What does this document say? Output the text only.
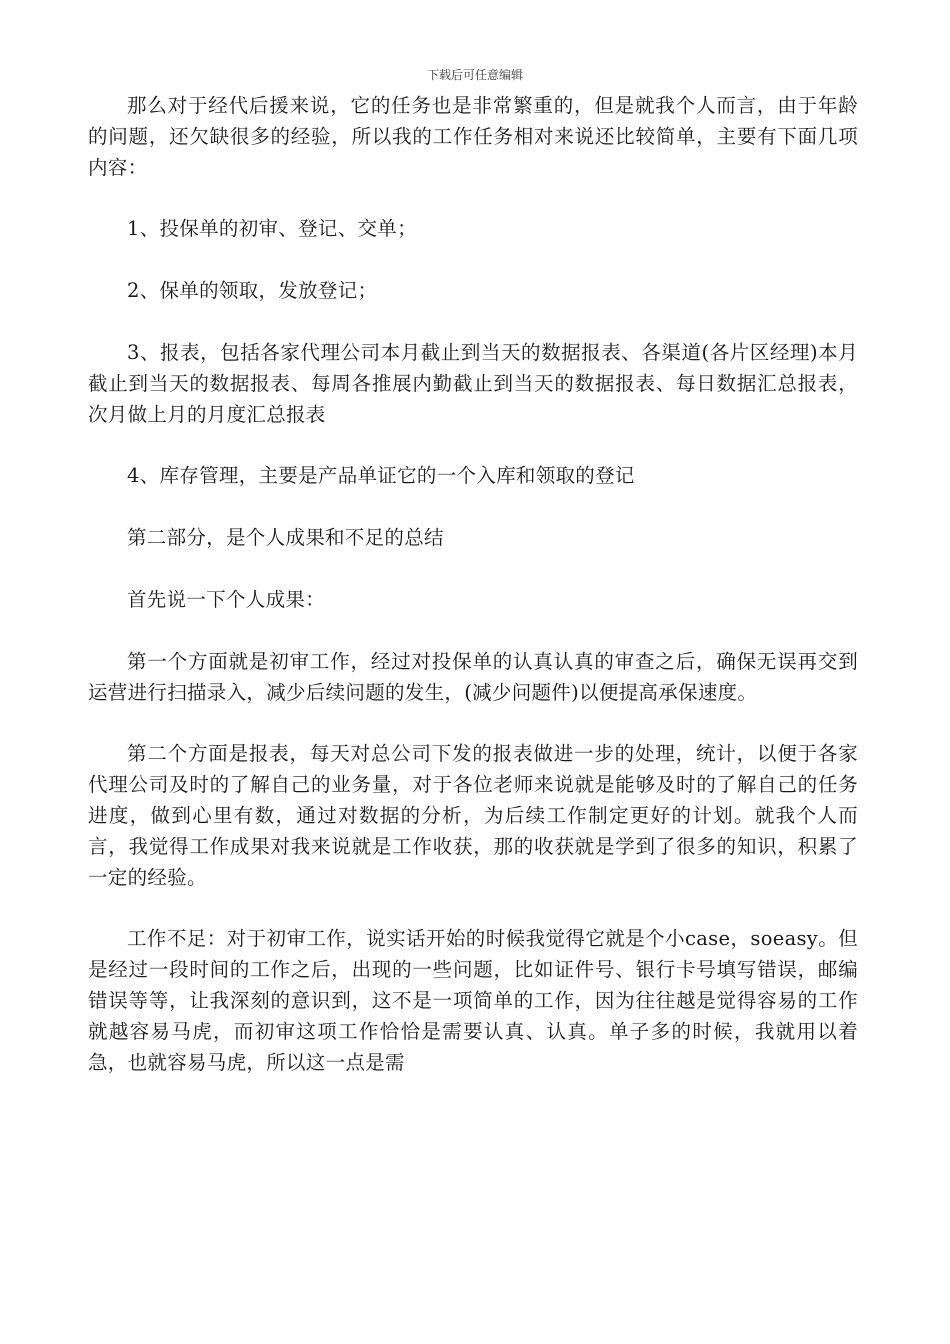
下载后可任意编辑

那么对于经代后援来说，它的任务也是非常繁重的，但是就我个人而言，由于年龄的问题，还欠缺很多的经验，所以我的工作任务相对来说还比较简单，主要有下面几项内容：

1、投保单的初审、登记、交单；

2、保单的领取，发放登记；

3、报表，包括各家代理公司本月截止到当天的数据报表、各渠道(各片区经理)本月截止到当天的数据报表、每周各推展内勤截止到当天的数据报表、每日数据汇总报表，次月做上月的月度汇总报表

4、库存管理，主要是产品单证它的一个入库和领取的登记

第二部分，是个人成果和不足的总结

首先说一下个人成果：

第一个方面就是初审工作，经过对投保单的认真认真的审查之后，确保无误再交到运营进行扫描录入，减少后续问题的发生，(减少问题件)以便提高承保速度。

第二个方面是报表，每天对总公司下发的报表做进一步的处理，统计，以便于各家代理公司及时的了解自己的业务量，对于各位老师来说就是能够及时的了解自己的任务进度，做到心里有数，通过对数据的分析，为后续工作制定更好的计划。就我个人而言，我觉得工作成果对我来说就是工作收获，那的收获就是学到了很多的知识，积累了一定的经验。

工作不足：对于初审工作，说实话开始的时候我觉得它就是个小case，soeasy。但是经过一段时间的工作之后，出现的一些问题，比如证件号、银行卡号填写错误，邮编错误等等，让我深刻的意识到，这不是一项简单的工作，因为往往越是觉得容易的工作就越容易马虎，而初审这项工作恰恰是需要认真、认真。单子多的时候，我就用以着急，也就容易马虎，所以这一点是需
